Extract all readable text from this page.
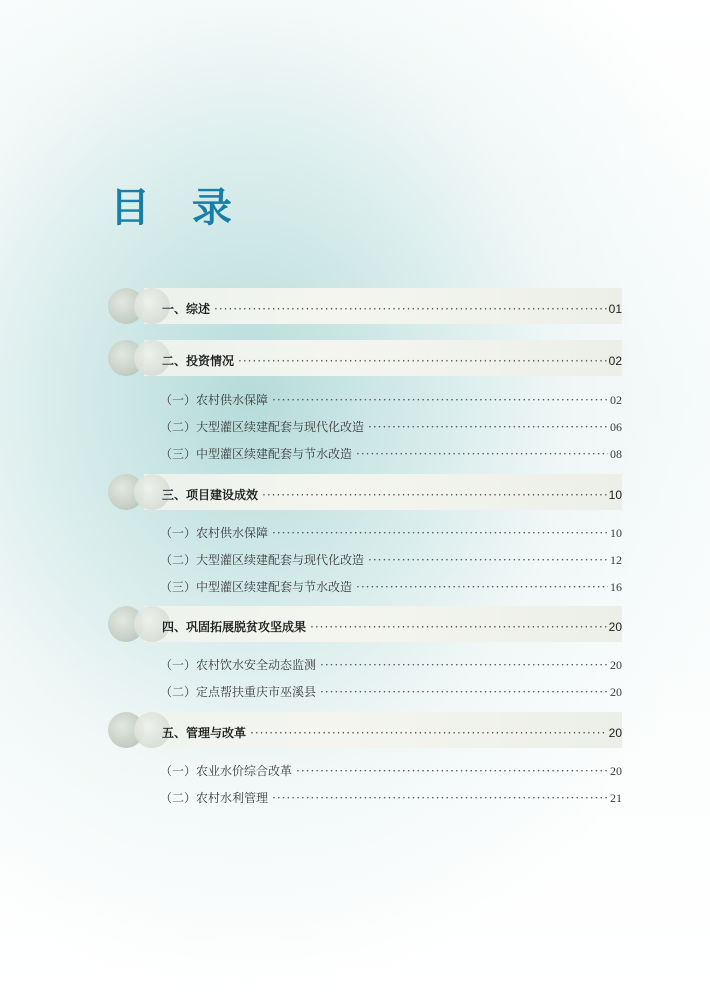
目 录
一、综述 ·····	01
二、投资情况 ·····	02
（一）农村供水保障 ·····	02
（二）大型灌区续建配套与现代化改造 ·····	06
（三）中型灌区续建配套与节水改造 ·····	08
三、项目建设成效 ·····	10
（一）农村供水保障 ·····	10
（二）大型灌区续建配套与现代化改造 ·····	12
（三）中型灌区续建配套与节水改造 ·····	16
四、巩固拓展脱贫攻坚成果 ·····	20
（一）农村饮水安全动态监测 ·····	20
（二）定点帮扶重庆市巫溪县 ·····	20
五、管理与改革 ·····	20
（一）农业水价综合改革 ·····	20
（二）农村水利管理 ·····	21
